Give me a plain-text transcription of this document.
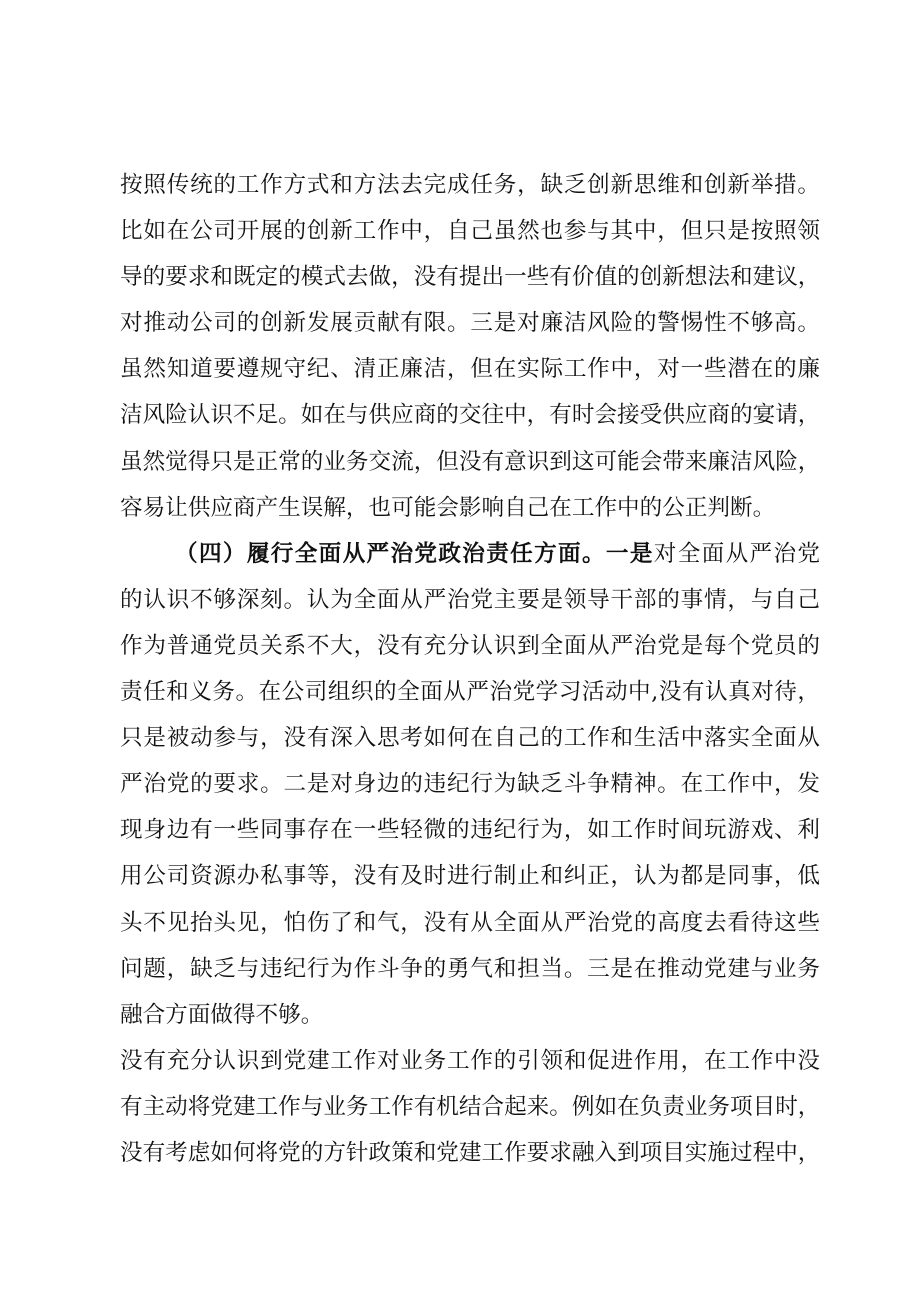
按照传统的工作方式和方法去完成任务，缺乏创新思维和创新举措。
比如在公司开展的创新工作中，自己虽然也参与其中，但只是按照领
导的要求和既定的模式去做，没有提出一些有价值的创新想法和建议，
对推动公司的创新发展贡献有限。三是对廉洁风险的警惕性不够高。
虽然知道要遵规守纪、清正廉洁，但在实际工作中，对一些潜在的廉
洁风险认识不足。如在与供应商的交往中，有时会接受供应商的宴请，
虽然觉得只是正常的业务交流，但没有意识到这可能会带来廉洁风险，
容易让供应商产生误解，也可能会影响自己在工作中的公正判断。
（四）履行全面从严治党政治责任方面。一是对全面从严治党
的认识不够深刻。认为全面从严治党主要是领导干部的事情，与自己
作为普通党员关系不大，没有充分认识到全面从严治党是每个党员的
责任和义务。在公司组织的全面从严治党学习活动中,没有认真对待，
只是被动参与，没有深入思考如何在自己的工作和生活中落实全面从
严治党的要求。二是对身边的违纪行为缺乏斗争精神。在工作中，发
现身边有一些同事存在一些轻微的违纪行为，如工作时间玩游戏、利
用公司资源办私事等，没有及时进行制止和纠正，认为都是同事，低
头不见抬头见，怕伤了和气，没有从全面从严治党的高度去看待这些
问题，缺乏与违纪行为作斗争的勇气和担当。三是在推动党建与业务
融合方面做得不够。
没有充分认识到党建工作对业务工作的引领和促进作用，在工作中没
有主动将党建工作与业务工作有机结合起来。例如在负责业务项目时，
没有考虑如何将党的方针政策和党建工作要求融入到项目实施过程中，
